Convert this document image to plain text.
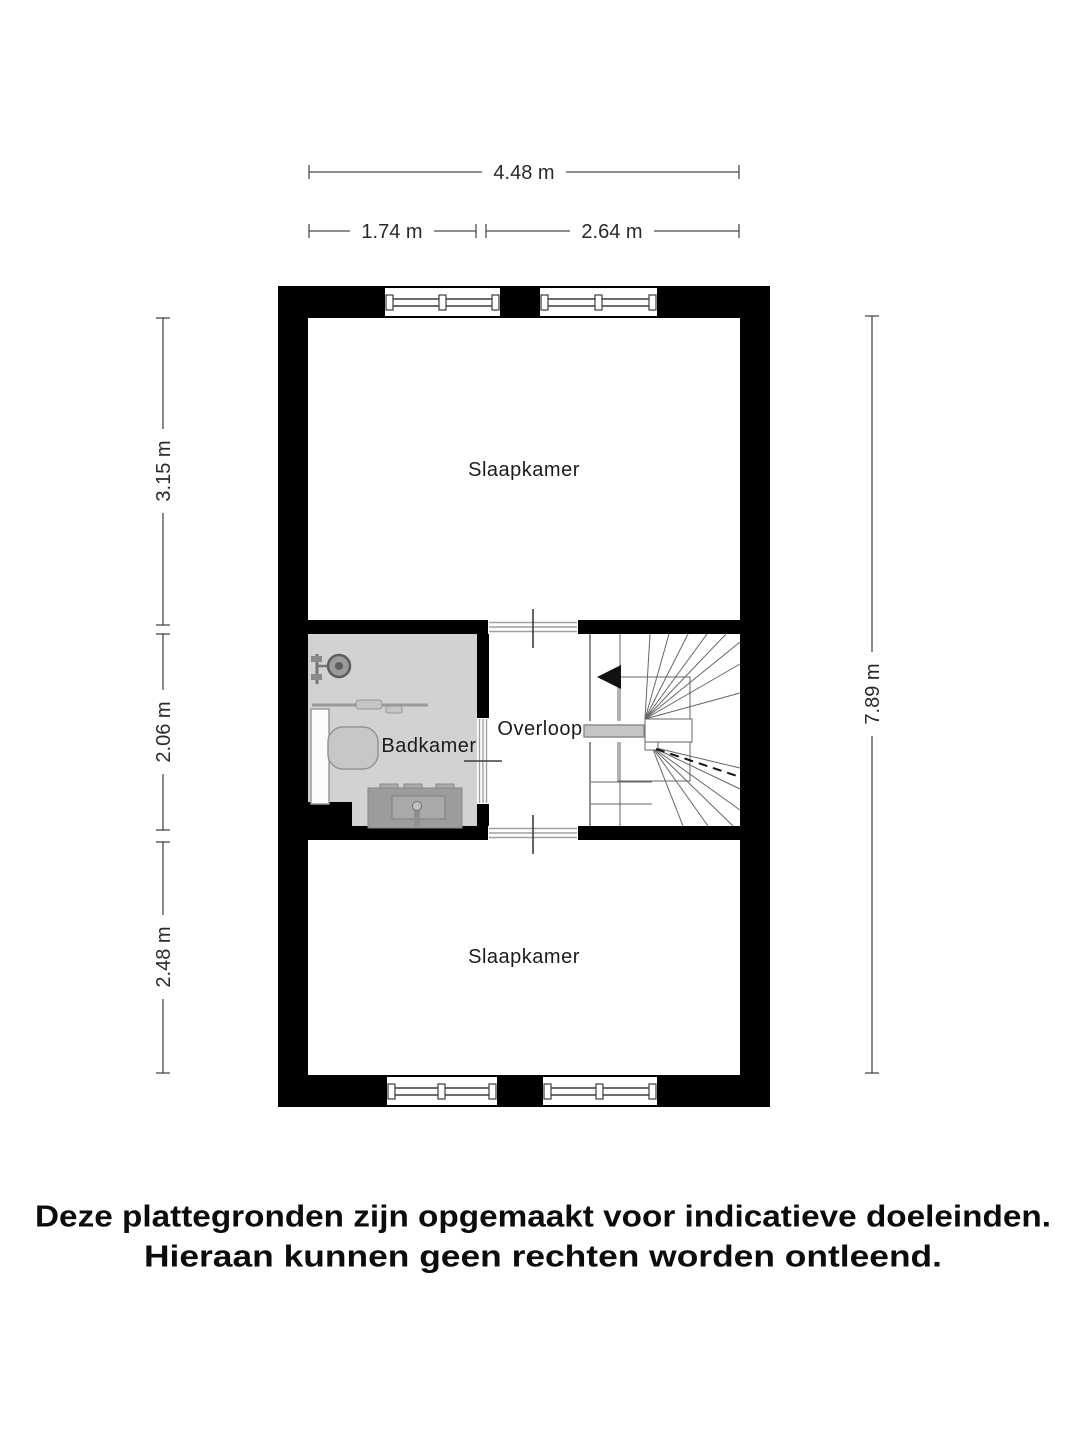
4.48 m
1.74 m	2.64 m
3.15 m
2.06 m
2.48 m
7.89 m
Slaapkamer
Badkamer
Overloop
Slaapkamer
Deze plattegronden zijn opgemaakt voor indicatieve doeleinden.
Hieraan kunnen geen rechten worden ontleend.
